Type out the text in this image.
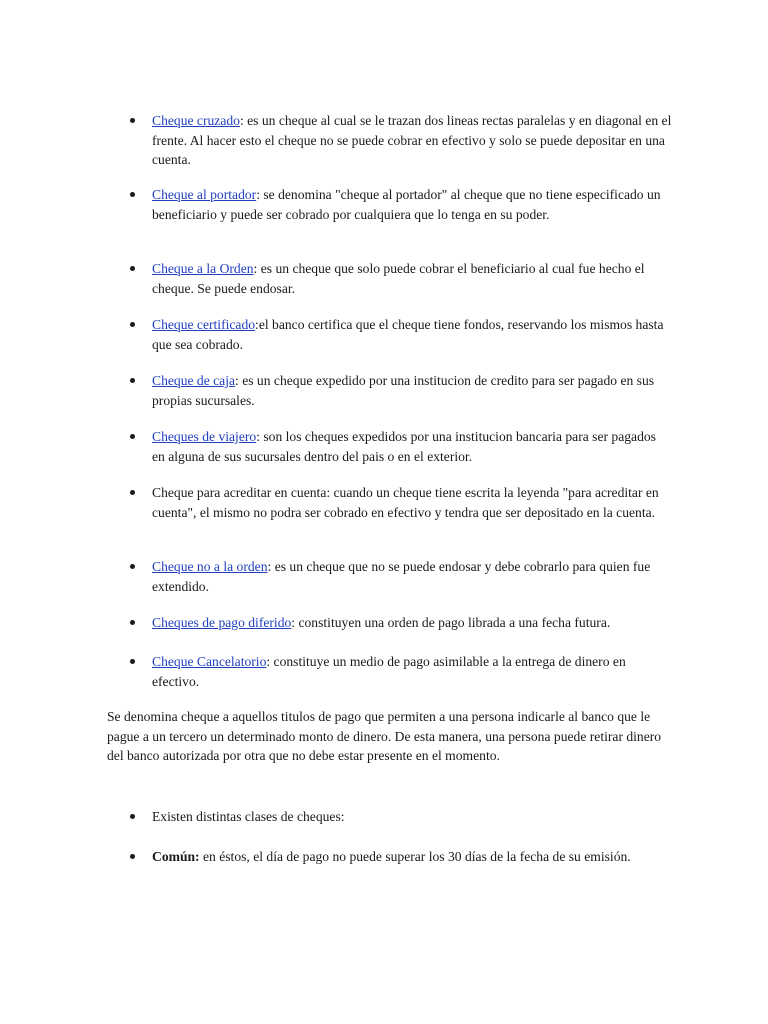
Cheque cruzado: es un cheque al cual se le trazan dos lineas rectas paralelas y en diagonal en el frente. Al hacer esto el cheque no se puede cobrar en efectivo y solo se puede depositar en una cuenta.
Cheque al portador: se denomina "cheque al portador" al cheque que no tiene especificado un beneficiario y puede ser cobrado por cualquiera que lo tenga en su poder.
Cheque a la Orden: es un cheque que solo puede cobrar el beneficiario al cual fue hecho el cheque. Se puede endosar.
Cheque certificado:el banco certifica que el cheque tiene fondos, reservando los mismos hasta que sea cobrado.
Cheque de caja: es un cheque expedido por una institucion de credito para ser pagado en sus propias sucursales.
Cheques de viajero: son los cheques expedidos por una institucion bancaria para ser pagados en alguna de sus sucursales dentro del pais o en el exterior.
Cheque para acreditar en cuenta: cuando un cheque tiene escrita la leyenda "para acreditar en cuenta", el mismo no podra ser cobrado en efectivo y tendra que ser depositado en la cuenta.
Cheque no a la orden: es un cheque que no se puede endosar y debe cobrarlo para quien fue extendido.
Cheques de pago diferido: constituyen una orden de pago librada a una fecha futura.
Cheque Cancelatorio: constituye un medio de pago asimilable a la entrega de dinero en efectivo.

Se denomina cheque a aquellos titulos de pago que permiten a una persona indicarle al banco que le pague a un tercero un determinado monto de dinero. De esta manera, una persona puede retirar dinero del banco autorizada por otra que no debe estar presente en el momento.

Existen distintas clases de cheques:
Común: en éstos, el día de pago no puede superar los 30 días de la fecha de su emisión.
